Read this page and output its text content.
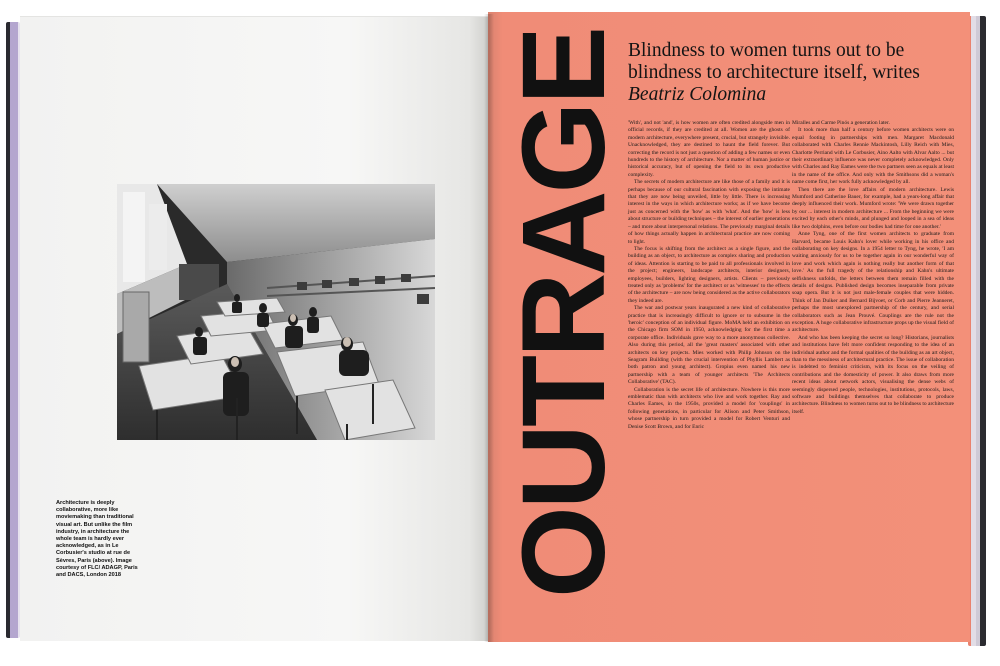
Architecture is deeply collaborative, more like moviemaking than traditional visual art. But unlike the film industry, in architecture the whole team is hardly ever acknowledged, as in Le Corbusier's studio at rue de Sèvres, Paris (above). Image courtesy of FLC/ ADAGP, Paris and DACS, London 2018	OUTRAGE
Blindness to women turns out to be blindness to architecture itself, writes Beatriz Colomina

'With', and not 'and', is how women are often credited alongside men in official records, if they are credited at all. Women are the ghosts of modern architecture, everywhere present, crucial, but strangely invisible. Unacknowledged, they are destined to haunt the field forever. But correcting the record is not just a question of adding a few names or even hundreds to the history of architecture. Nor a matter of human justice or historical accuracy, but of opening the field to its own productive complexity.

The secrets of modern architecture are like those of a family and it is perhaps because of our cultural fascination with exposing the intimate that they are now being unveiled, little by little. There is increasing interest in the ways in which architecture works; as if we have become just as concerned with the 'how' as with 'what'. And the 'how' is less about structure or building techniques – the interest of earlier generations – and more about interpersonal relations. The previously marginal details of how things actually happen in architectural practice are now coming to light.

The focus is shifting from the architect as a single figure, and the building as an object, to architecture as complex sharing and production of ideas. Attention is starting to be paid to all professionals involved in the project; engineers, landscape architects, interior designers, employees, builders, lighting designers, artists. Clients – previously treated only as 'problems' for the architect or as 'witnesses' to the effects of the architecture – are now being considered as the active collaborators they indeed are.

The war and postwar years inaugurated a new kind of collaborative practice that is increasingly difficult to ignore or to subsume in the 'heroic' conception of an individual figure. MoMA held an exhibition on the Chicago firm SOM in 1950, acknowledging for the first time a corporate office. Individuals gave way to a more anonymous collective. Also during this period, all the 'great masters' associated with other architects on key projects. Mies worked with Philip Johnson on the Seagram Building (with the crucial intervention of Phyllis Lambert as both patron and young architect). Gropius even named his new partnership with a team of younger architects 'The Architects Collaborative' (TAC).

Collaboration is the secret life of architecture. Nowhere is this more emblematic than with architects who live and work together. Ray and Charles Eames, in the 1950s, provided a model for 'couplings' in following generations, in particular for Alison and Peter Smithson, whose partnership in turn provided a model for Robert Venturi and Denise Scott Brown, and for Enric

Miralles and Carme Pinós a generation later.

It took more than half a century before women architects were on equal footing in partnerships with men. Margaret Macdonald collaborated with Charles Rennie Mackintosh, Lilly Reich with Mies, Charlotte Perriand with Le Corbusier, Aino Aalto with Alvar Aalto ... but their extraordinary influence was never completely acknowledged. Only with Charles and Ray Eames were the two partners seen as equals at least in the name of the office. And only with the Smithsons did a woman's name come first, her work fully acknowledged by all.

Then there are the love affairs of modern architecture. Lewis Mumford and Catherine Bauer, for example, had a years-long affair that deeply influenced their work. Mumford wrote: 'We were drawn together by our ... interest in modern architecture ... From the beginning we were excited by each other's minds, and plunged and looped in a sea of ideas like two dolphins, even before our bodies had time for one another.'

Anne Tyng, one of the first women architects to graduate from Harvard, became Louis Kahn's lover while working in his office and collaborating on key designs. In a 1954 letter to Tyng, he wrote, 'I am waiting anxiously for us to be together again in our wonderful way of love and work which again is nothing really but another form of that love.' As the full tragedy of the relationship and Kahn's ultimate selfishness unfolds, the letters between them remain filled with the details of designs. Published design becomes inseparable from private soap opera. But it is not just male-female couples that were hidden. Think of Jan Duiker and Bernard Bijvoet, or Corb and Pierre Jeanneret, perhaps the most unexplored partnership of the century, and serial collaborators such as Jean Prouvé. Couplings are the rule not the exception. A huge collaborative infrastructure props up the visual field of architecture.

And who has been keeping the secret so long? Historians, journalists and institutions have felt more confident responding to the idea of an individual author and the formal qualities of the building as an art object, than to the messiness of architectural practice. The issue of collaboration is indebted to feminist criticism, with its focus on the veiling of contributions and the domesticity of power. It also draws from more recent ideas about network actors, visualising the dense webs of seemingly dispersed people, technologies, institutions, protocols, laws, software and buildings themselves that collaborate to produce architecture. Blindness to women turns out to be blindness to architecture itself.
